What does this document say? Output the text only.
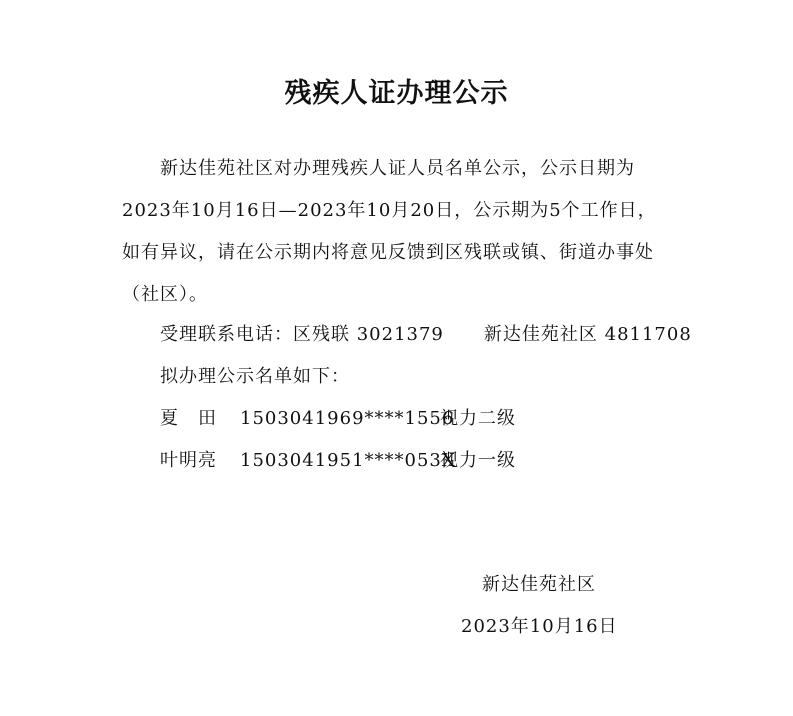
残疾人证办理公示
新达佳苑社区对办理残疾人证人员名单公示，公示日期为2023年10月16日—2023年10月20日，公示期为5个工作日，如有异议，请在公示期内将意见反馈到区残联或镇、街道办事处（社区）。
受理联系电话：区残联 3021379 新达佳苑社区 4811708
拟办理公示名单如下：
夏　田 1503041969****1556视力二级
叶明亮 1503041951****053X视力一级
新达佳苑社区
2023年10月16日
